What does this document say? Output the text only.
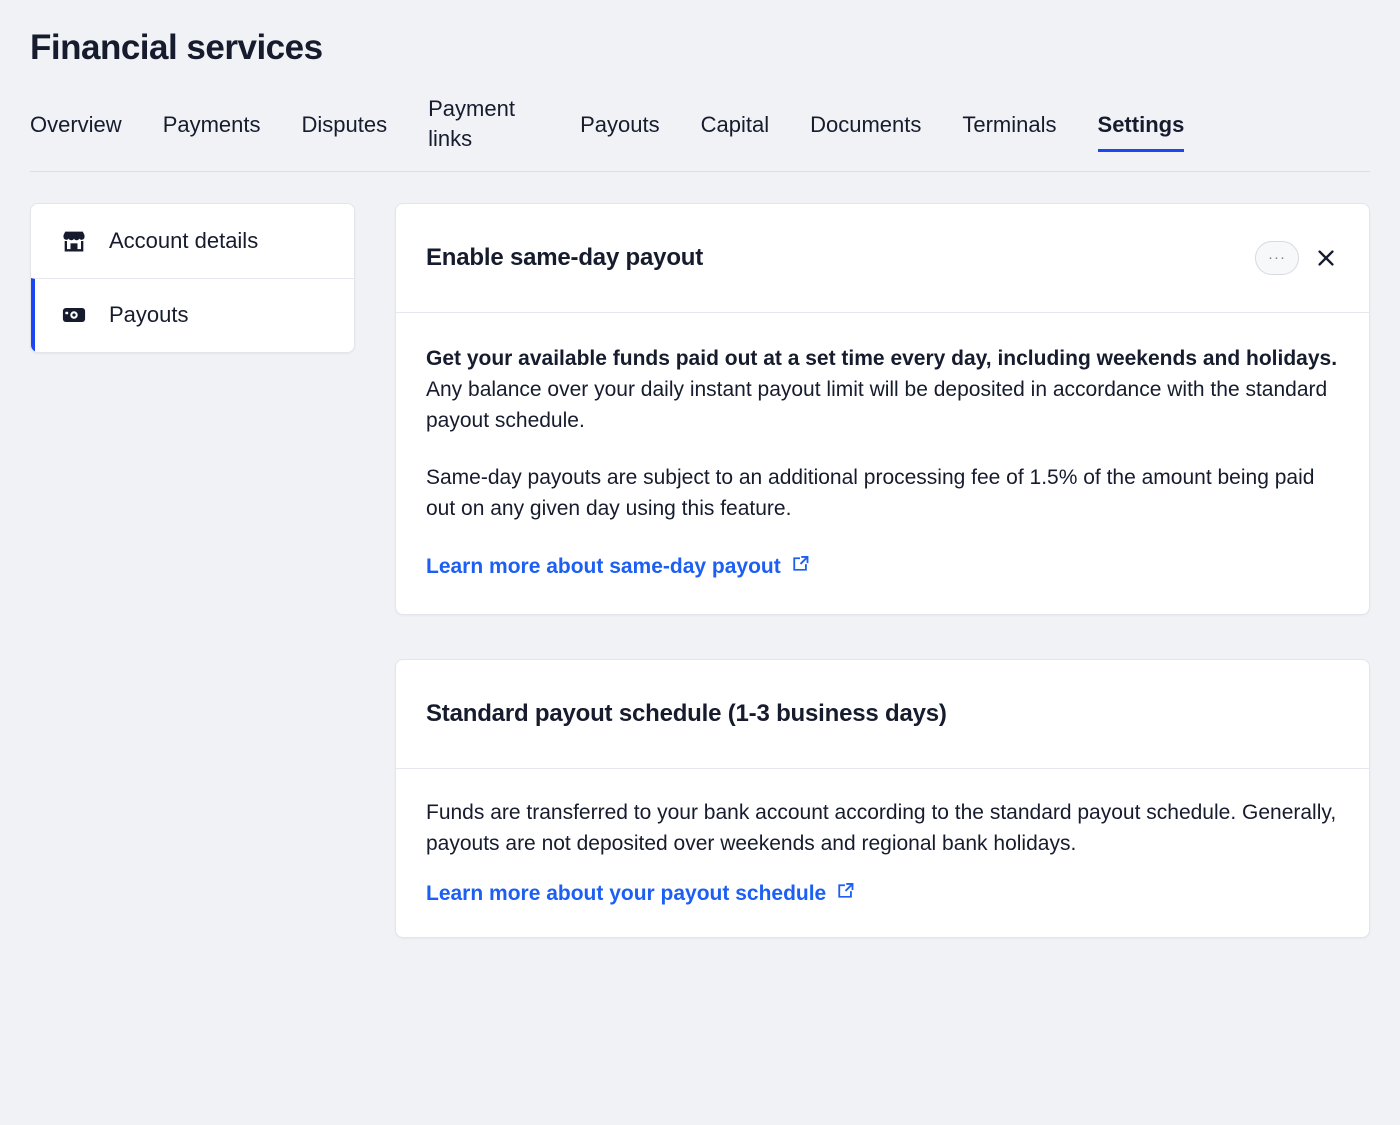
Financial services
Overview Payments Disputes
Payment links
Payouts Capital Documents Terminals Settings
Account details
Payouts
Enable same-day payout	···

Get your available funds paid out at a set time every day, including weekends and holidays. Any balance over your daily instant payout limit will be deposited in accordance with the standard payout schedule.

Same-day payouts are subject to an additional processing fee of 1.5% of the amount being paid out on any given day using this feature.

Learn more about same-day payout
Standard payout schedule (1-3 business days)

Funds are transferred to your bank account according to the standard payout schedule. Generally, payouts are not deposited over weekends and regional bank holidays.

Learn more about your payout schedule
